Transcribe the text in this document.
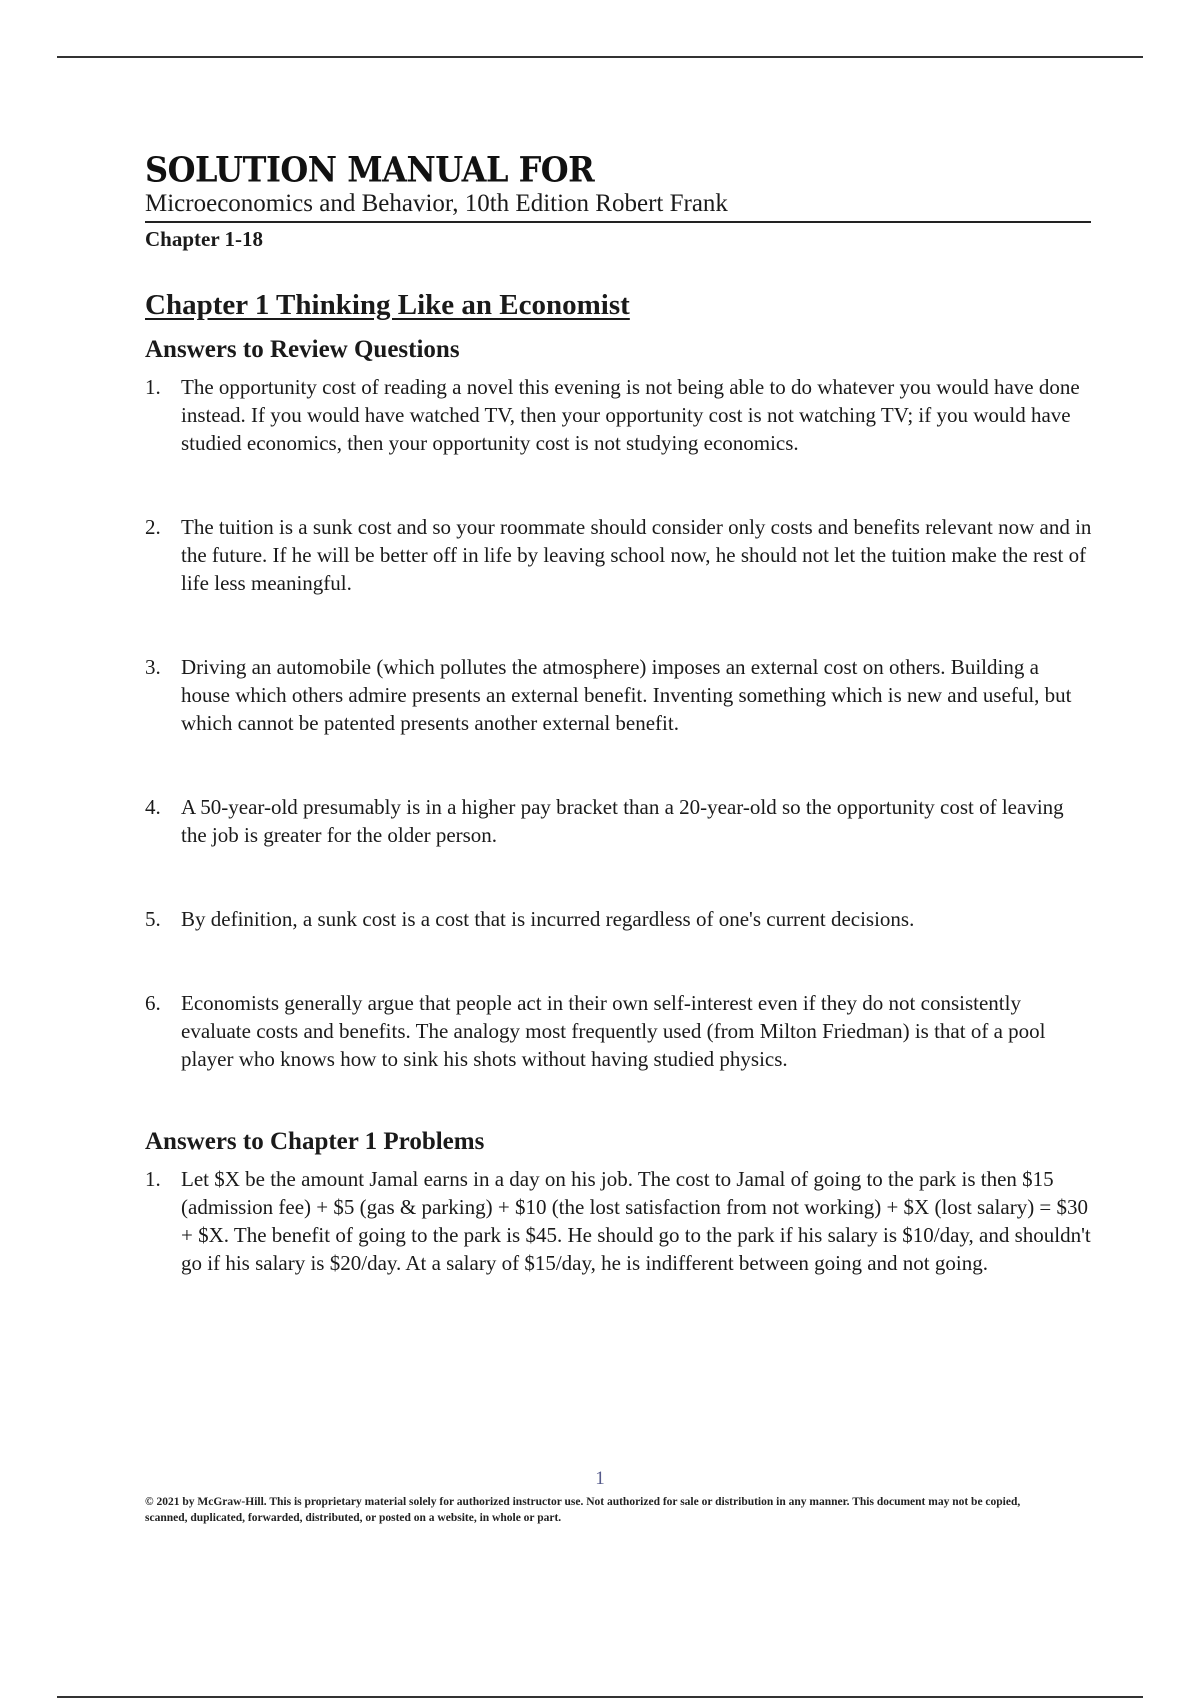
SOLUTION MANUAL FOR
Microeconomics and Behavior, 10th Edition Robert Frank
Chapter 1-18
Chapter 1 Thinking Like an Economist
Answers to Review Questions
1. The opportunity cost of reading a novel this evening is not being able to do whatever you would have done instead. If you would have watched TV, then your opportunity cost is not watching TV; if you would have studied economics, then your opportunity cost is not studying economics.
2. The tuition is a sunk cost and so your roommate should consider only costs and benefits relevant now and in the future. If he will be better off in life by leaving school now, he should not let the tuition make the rest of life less meaningful.
3. Driving an automobile (which pollutes the atmosphere) imposes an external cost on others. Building a house which others admire presents an external benefit. Inventing something which is new and useful, but which cannot be patented presents another external benefit.
4. A 50-year-old presumably is in a higher pay bracket than a 20-year-old so the opportunity cost of leaving the job is greater for the older person.
5. By definition, a sunk cost is a cost that is incurred regardless of one's current decisions.
6. Economists generally argue that people act in their own self-interest even if they do not consistently evaluate costs and benefits. The analogy most frequently used (from Milton Friedman) is that of a pool player who knows how to sink his shots without having studied physics.
Answers to Chapter 1 Problems
1. Let $X be the amount Jamal earns in a day on his job. The cost to Jamal of going to the park is then $15 (admission fee) + $5 (gas & parking) + $10 (the lost satisfaction from not working) + $X (lost salary) = $30 + $X. The benefit of going to the park is $45. He should go to the park if his salary is $10/day, and shouldn't go if his salary is $20/day. At a salary of $15/day, he is indifferent between going and not going.
1
© 2021 by McGraw-Hill. This is proprietary material solely for authorized instructor use. Not authorized for sale or distribution in any manner. This document may not be copied, scanned, duplicated, forwarded, distributed, or posted on a website, in whole or part.
